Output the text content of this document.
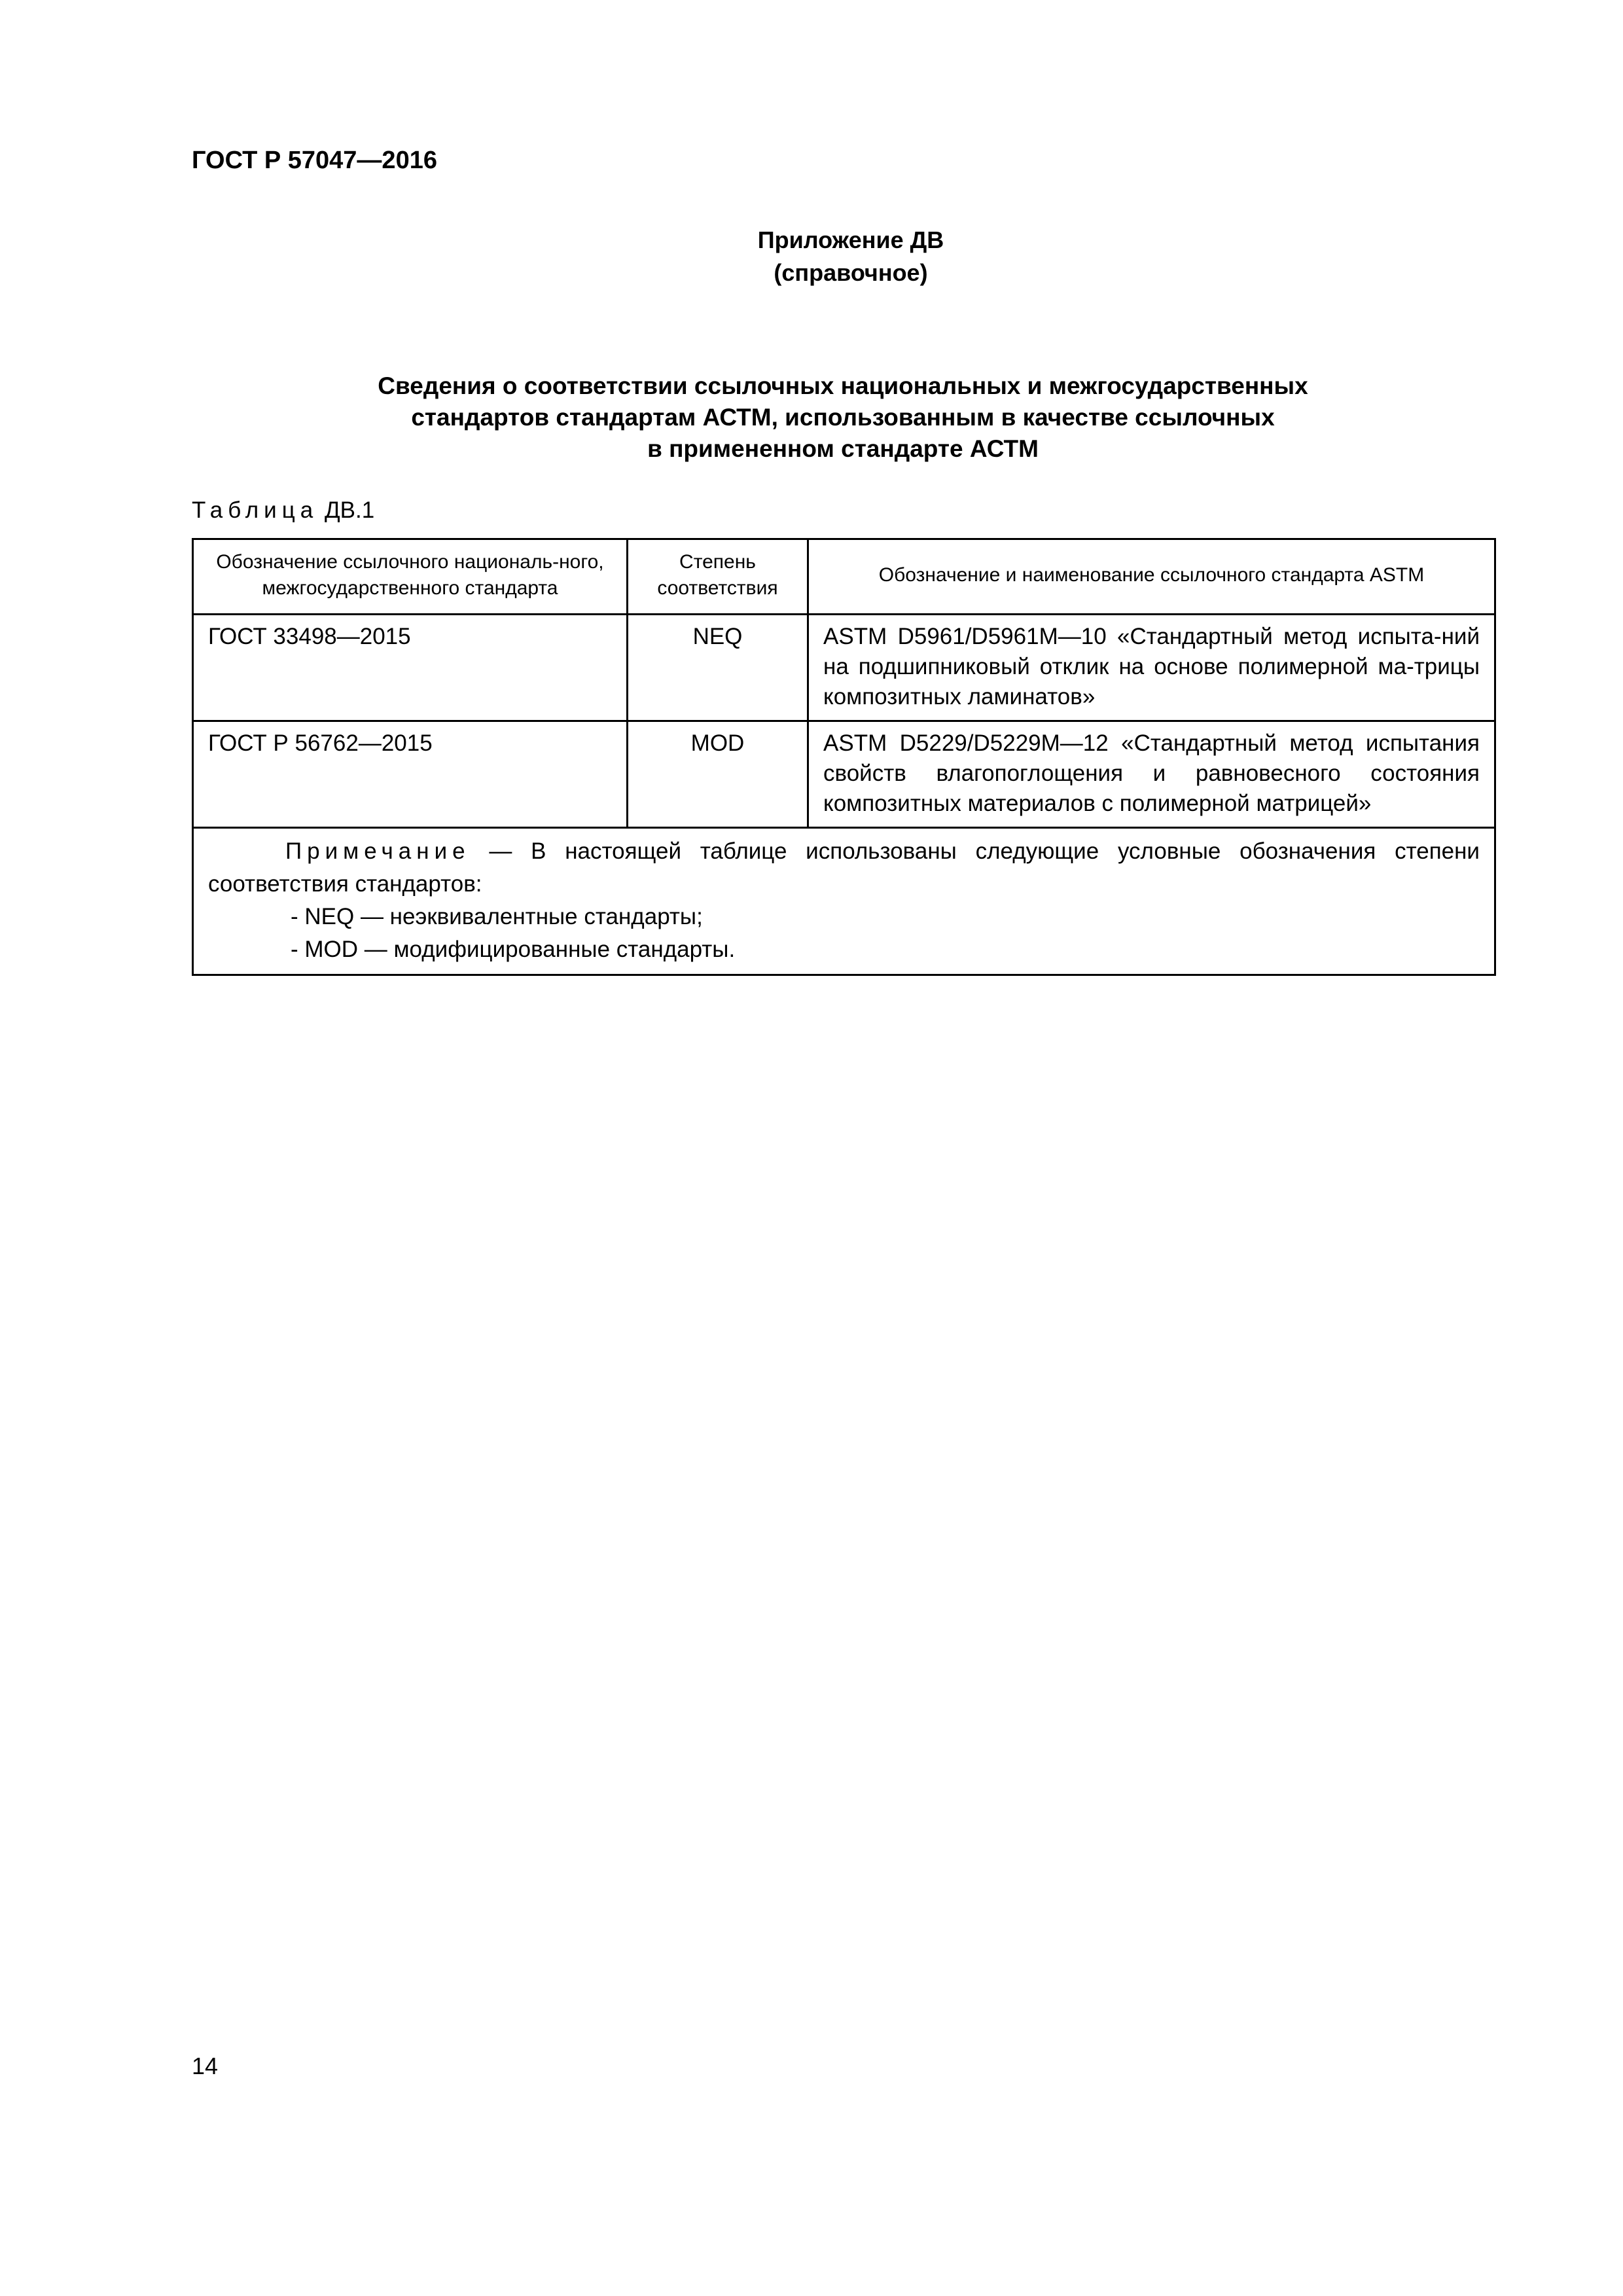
ГОСТ Р 57047—2016
Приложение ДВ
(справочное)
Сведения о соответствии ссылочных национальных и межгосударственных
стандартов стандартам АСТМ, использованным в качестве ссылочных
в примененном стандарте АСТМ
Таблица ДВ.1
Обозначение ссылочного националь-ного, межгосударственного стандарта	Степень соответствия	Обозначение и наименование ссылочного стандарта ASTM
ГОСТ 33498—2015	NEQ	ASTM D5961/D5961M—10 «Стандартный метод испыта-ний на подшипниковый отклик на основе полимерной ма-трицы композитных ламинатов»
ГОСТ Р 56762—2015	MOD	ASTM D5229/D5229M—12 «Стандартный метод испытания свойств влагопоглощения и равновесного состояния композитных материалов с полимерной матрицей»

Примечание — В настоящей таблице использованы следующие условные обозначения степени соответствия стандартов:
- NEQ — неэквивалентные стандарты;
- MOD — модифицированные стандарты.		
14
